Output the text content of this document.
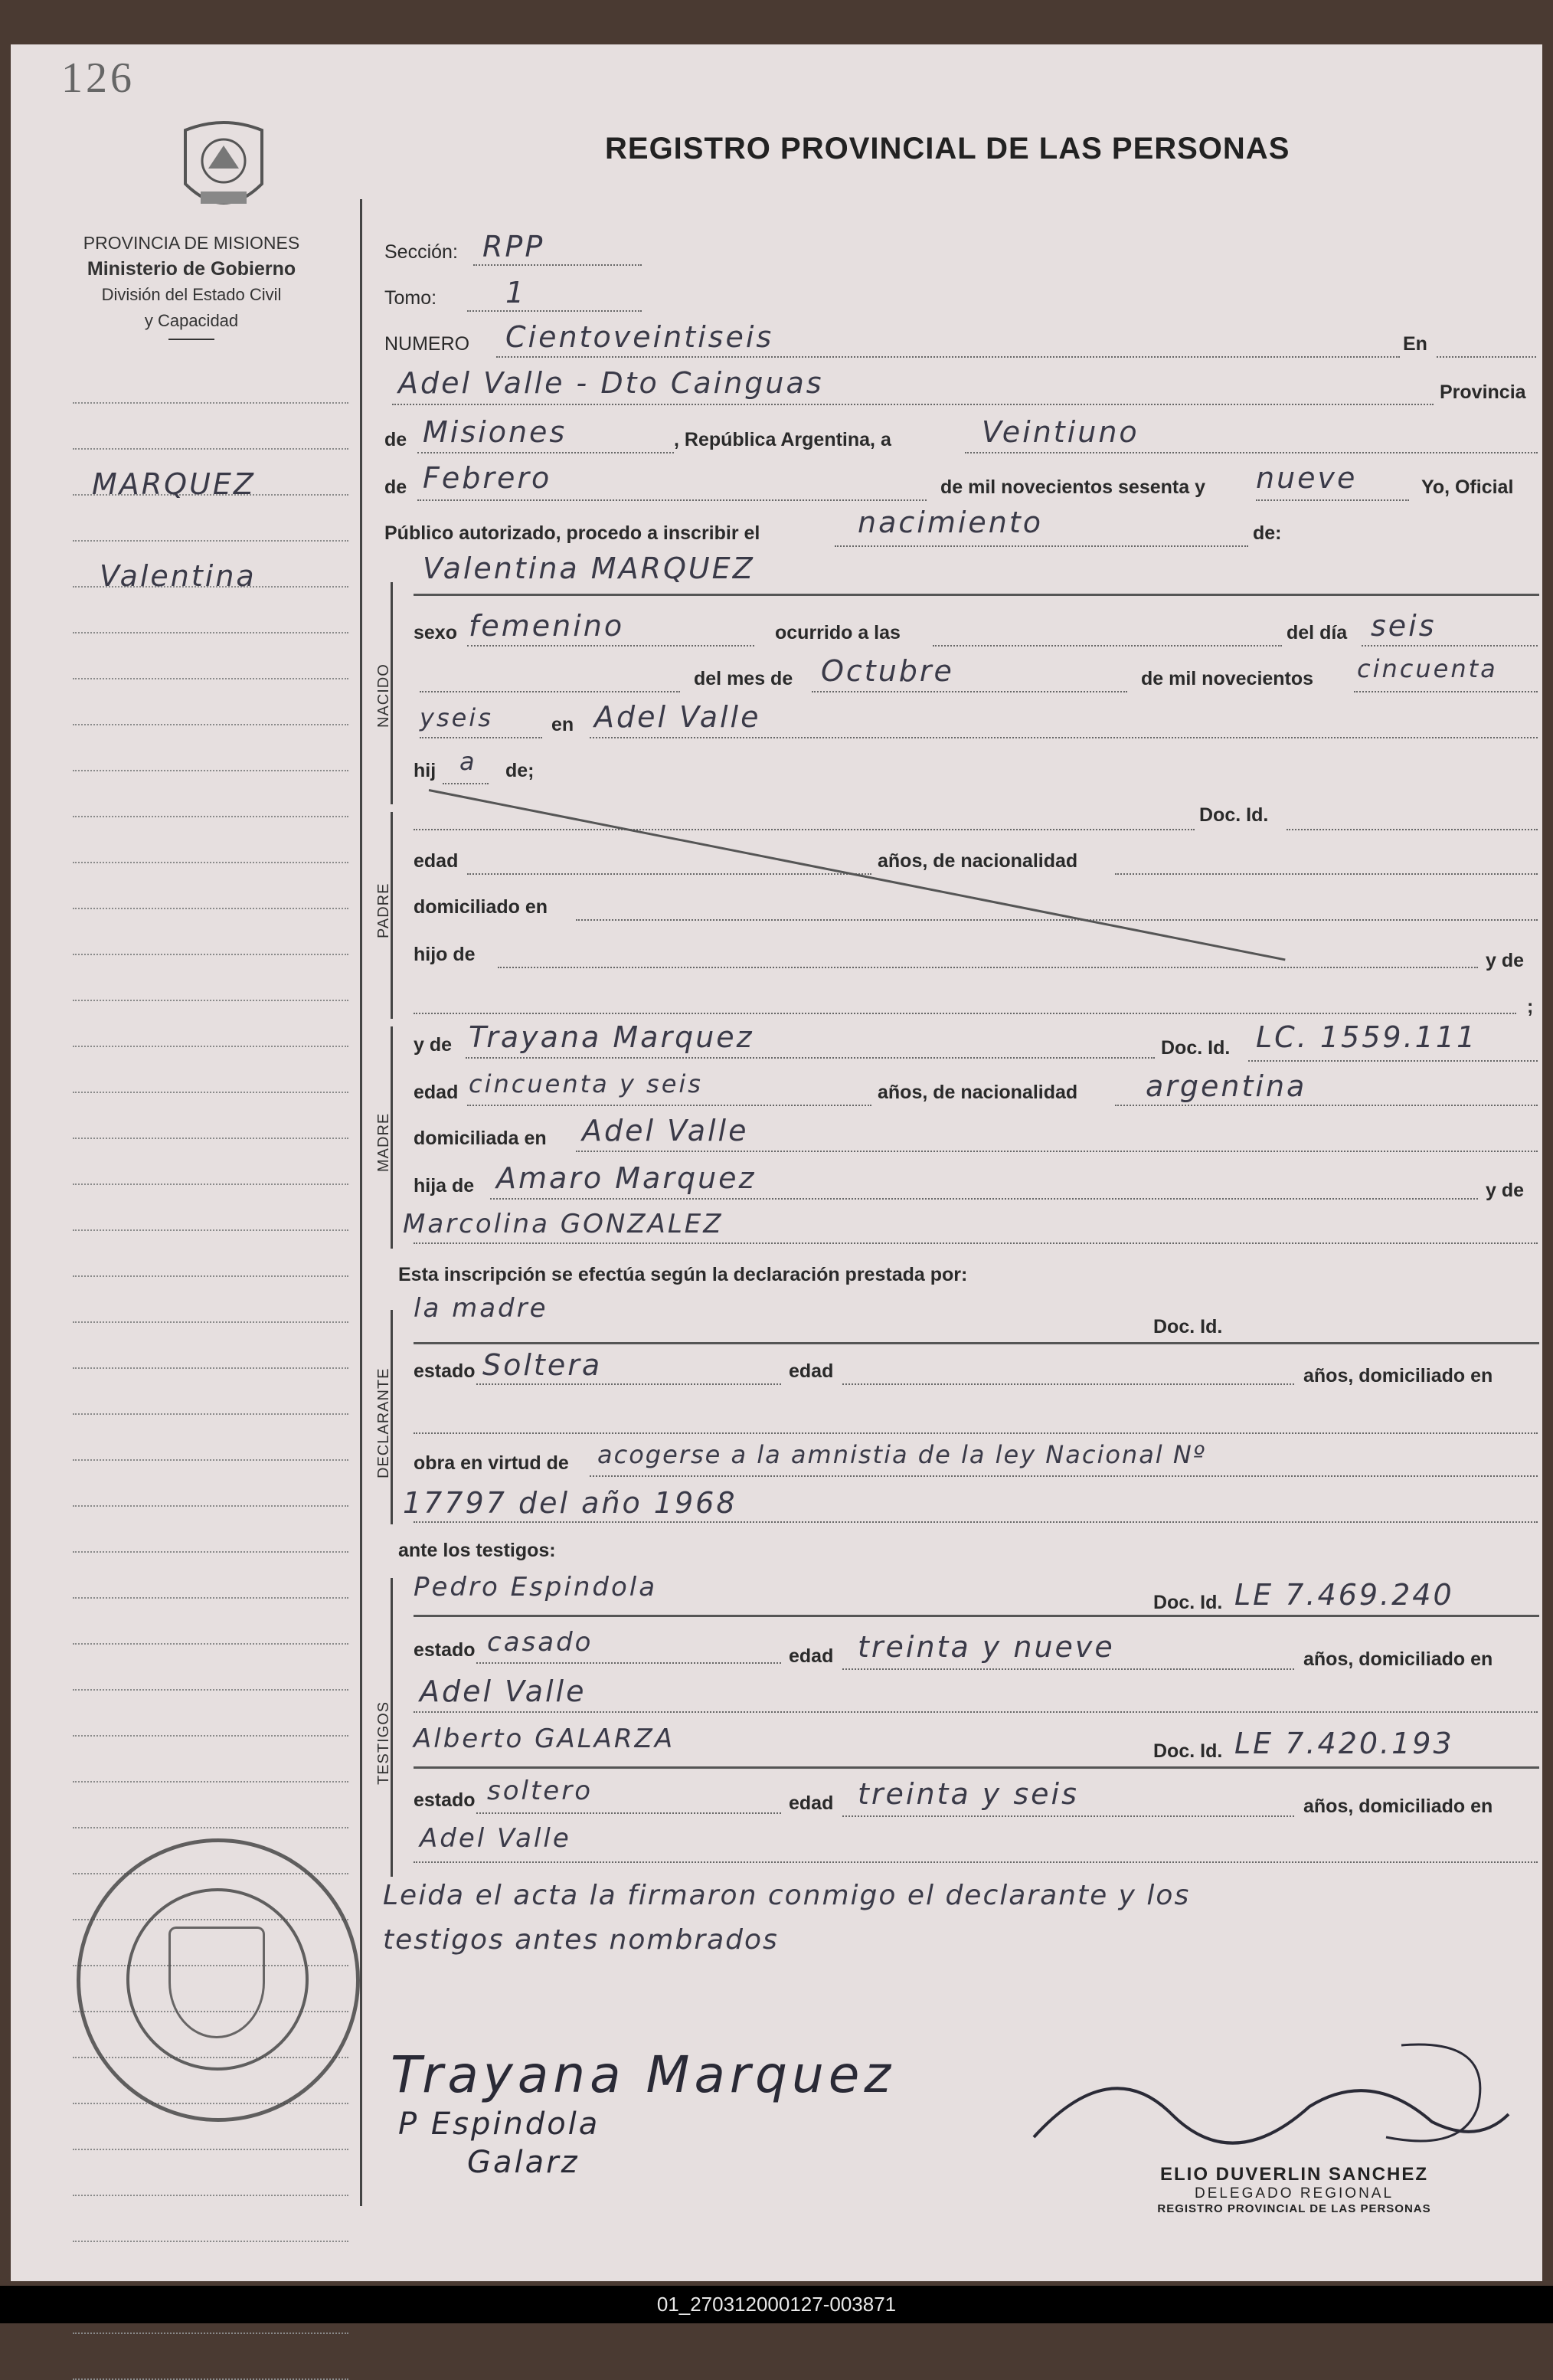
126
REGISTRO PROVINCIAL DE LAS PERSONAS
PROVINCIA DE MISIONES
Ministerio de Gobierno
División del Estado Civil
y Capacidad
MARQUEZ
Valentina
NACIDO
PADRE
MADRE
DECLARANTE
TESTIGOS
Sección: RPP
Tomo: 1
NUMERO Cientoveintiseis	En
Adel Valle - Dto Cainguas	Provincia
de Misiones	, República Argentina, a	Veintiuno
de Febrero	de mil novecientos sesenta y nueve	Yo, Oficial
Público autorizado, procedo a inscribir el	nacimiento	de:
Valentina MARQUEZ
sexo femenino	ocurrido a las	del día seis
del mes de Octubre	de mil novecientos cincuenta
yseis	en Adel Valle
hij a de;
Doc. Id.
edad	años, de nacionalidad
domiciliado en
hijo de	y de
;
y de Trayana Marquez	Doc. Id. LC. 1559.111
edad cincuenta y seis	años, de nacionalidad argentina
domiciliada en Adel Valle
hija de Amaro Marquez	y de
Marcolina GONZALEZ
Esta inscripción se efectúa según la declaración prestada por:
la madre
Doc. Id.
estado Soltera	edad	años, domiciliado en
obra en virtud de acogerse a la amnistia de la ley Nacional Nº
17797 del año 1968
ante los testigos:
Pedro Espindola	Doc. Id. LE 7.469.240
estado casado	edad treinta y nueve	años, domiciliado en
Adel Valle
Alberto GALARZA	Doc. Id. LE 7.420.193
estado soltero	edad treinta y seis	años, domiciliado en
Adel Valle
Leida el acta la firmaron conmigo el declarante y los
testigos antes nombrados
Trayana Marquez
P Espindola
Galarz	ELIO DUVERLIN SANCHEZ
DELEGADO REGIONAL
REGISTRO PROVINCIAL DE LAS PERSONAS
01_270312000127-003871
